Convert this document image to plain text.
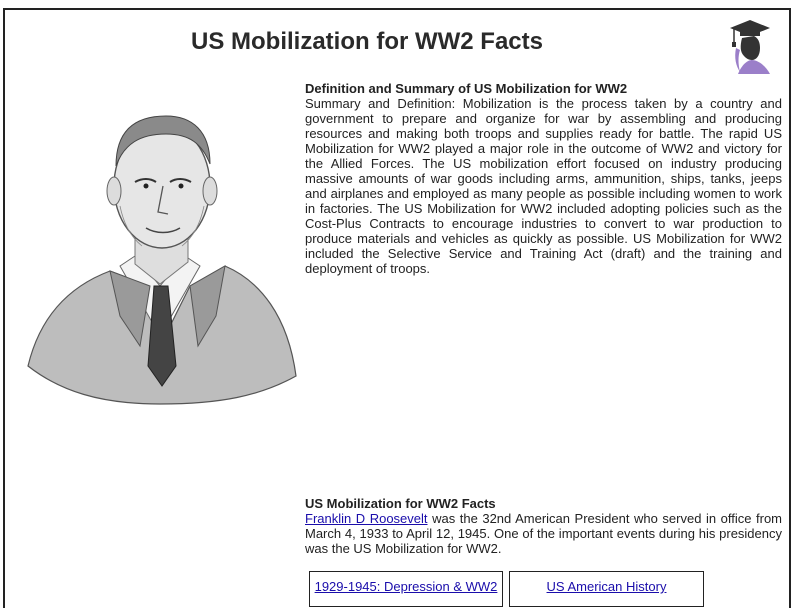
US Mobilization for WW2 Facts
Definition and Summary of US Mobilization for WW2
Summary and Definition: Mobilization is the process taken by a country and government to prepare and organize for war by assembling and producing resources and making both troops and supplies ready for battle. The rapid US Mobilization for WW2 played a major role in the outcome of WW2 and victory for the Allied Forces. The US mobilization effort focused on industry producing massive amounts of war goods including arms, ammunition, ships, tanks, jeeps and airplanes and employed as many people as possible including women to work in factories. The US Mobilization for WW2 included adopting policies such as the Cost-Plus Contracts to encourage industries to convert to war production to produce materials and vehicles as quickly as possible. US Mobilization for WW2 included the Selective Service and Training Act (draft) and the training and deployment of troops.
US Mobilization for WW2 Facts
Franklin D Roosevelt was the 32nd American President who served in office from March 4, 1933 to April 12, 1945. One of the important events during his presidency was the US Mobilization for WW2.
1929-1945: Depression & WW2	US American History
